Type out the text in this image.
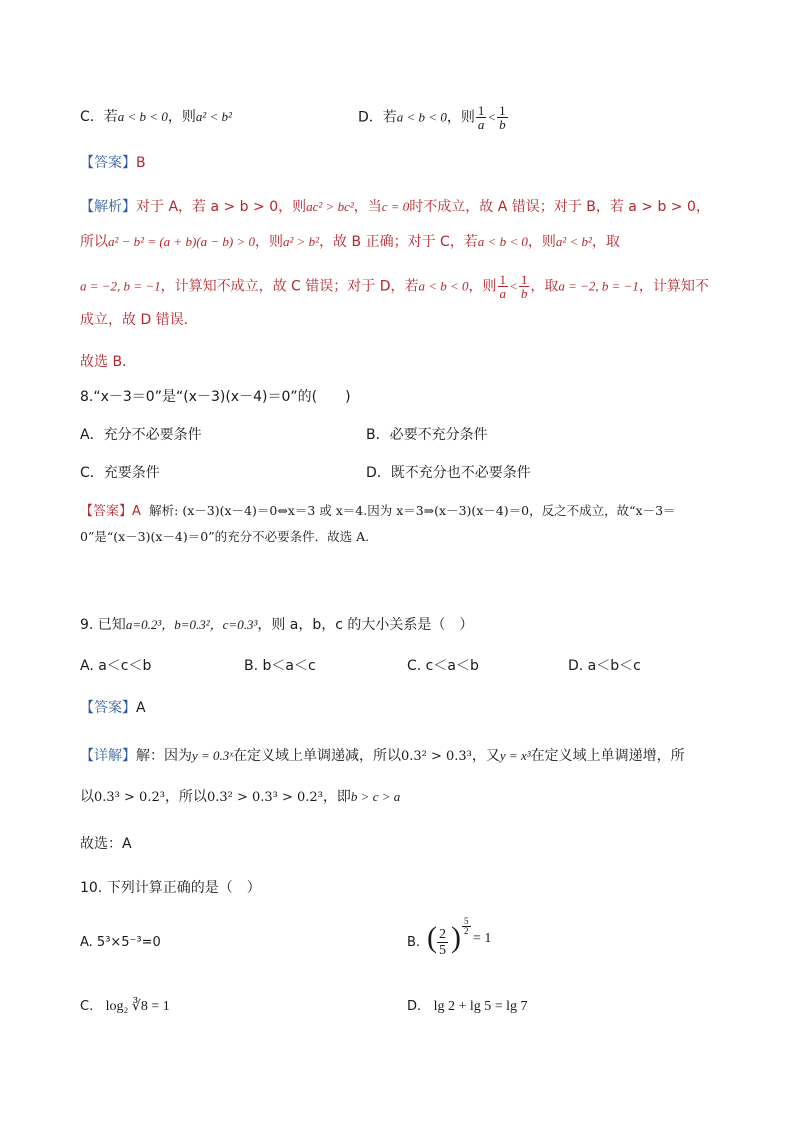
C．若a < b < 0，则a² < b²	D．若a < b < 0，则 $\frac{1}{a} < \frac{1}{b}$
【答案】B
【解析】对于 A，若 a > b > 0，则ac² > bc²，当c = 0时不成立，故 A 错误；对于 B，若 a > b > 0，
所以a² − b² = (a + b)(a − b) > 0，则a² > b²，故 B 正确；对于 C，若a < b < 0，则a² < b²，取
a = −2, b = −1，计算知不成立，故 C 错误；对于 D，若a < b < 0，则 $\frac{1}{a} < \frac{1}{b}$ ，取a = −2, b = −1，计算知不
成立，故 D 错误．
故选 B．
8.“x－3＝0”是“(x－3)(x－4)＝0”的(　　)
A．充分不必要条件	B．必要不充分条件
C．充要条件	D．既不充分也不必要条件
【答案】A 解析: (x－3)(x－4)＝0⇔x＝3 或 x＝4.因为 x＝3⇒(x－3)(x－4)＝0，反之不成立，故“x－3＝
0”是“(x－3)(x－4)＝0”的充分不必要条件．故选 A.
9. 已知a=0.2³，b=0.3²，c=0.3³，则 a，b，c 的大小关系是（　）
A. a＜c＜b	B. b＜a＜c	C. c＜a＜b	D. a＜b＜c
【答案】A
【详解】解：因为y = 0.3ˣ在定义域上单调递减，所以0.3² > 0.3³，又y = x³在定义域上单调递增，所
以0.3³ > 0.2³，所以0.3² > 0.3³ > 0.2³，即b > c > a
故选：A
10. 下列计算正确的是（　）
A. 5³×5⁻³=0	B. ( $\frac{2}{5}$ ) $\frac{5}{2}$
= 1
C. log₂ ∛8 = 1	D. lg 2 + lg 5 = lg 7
